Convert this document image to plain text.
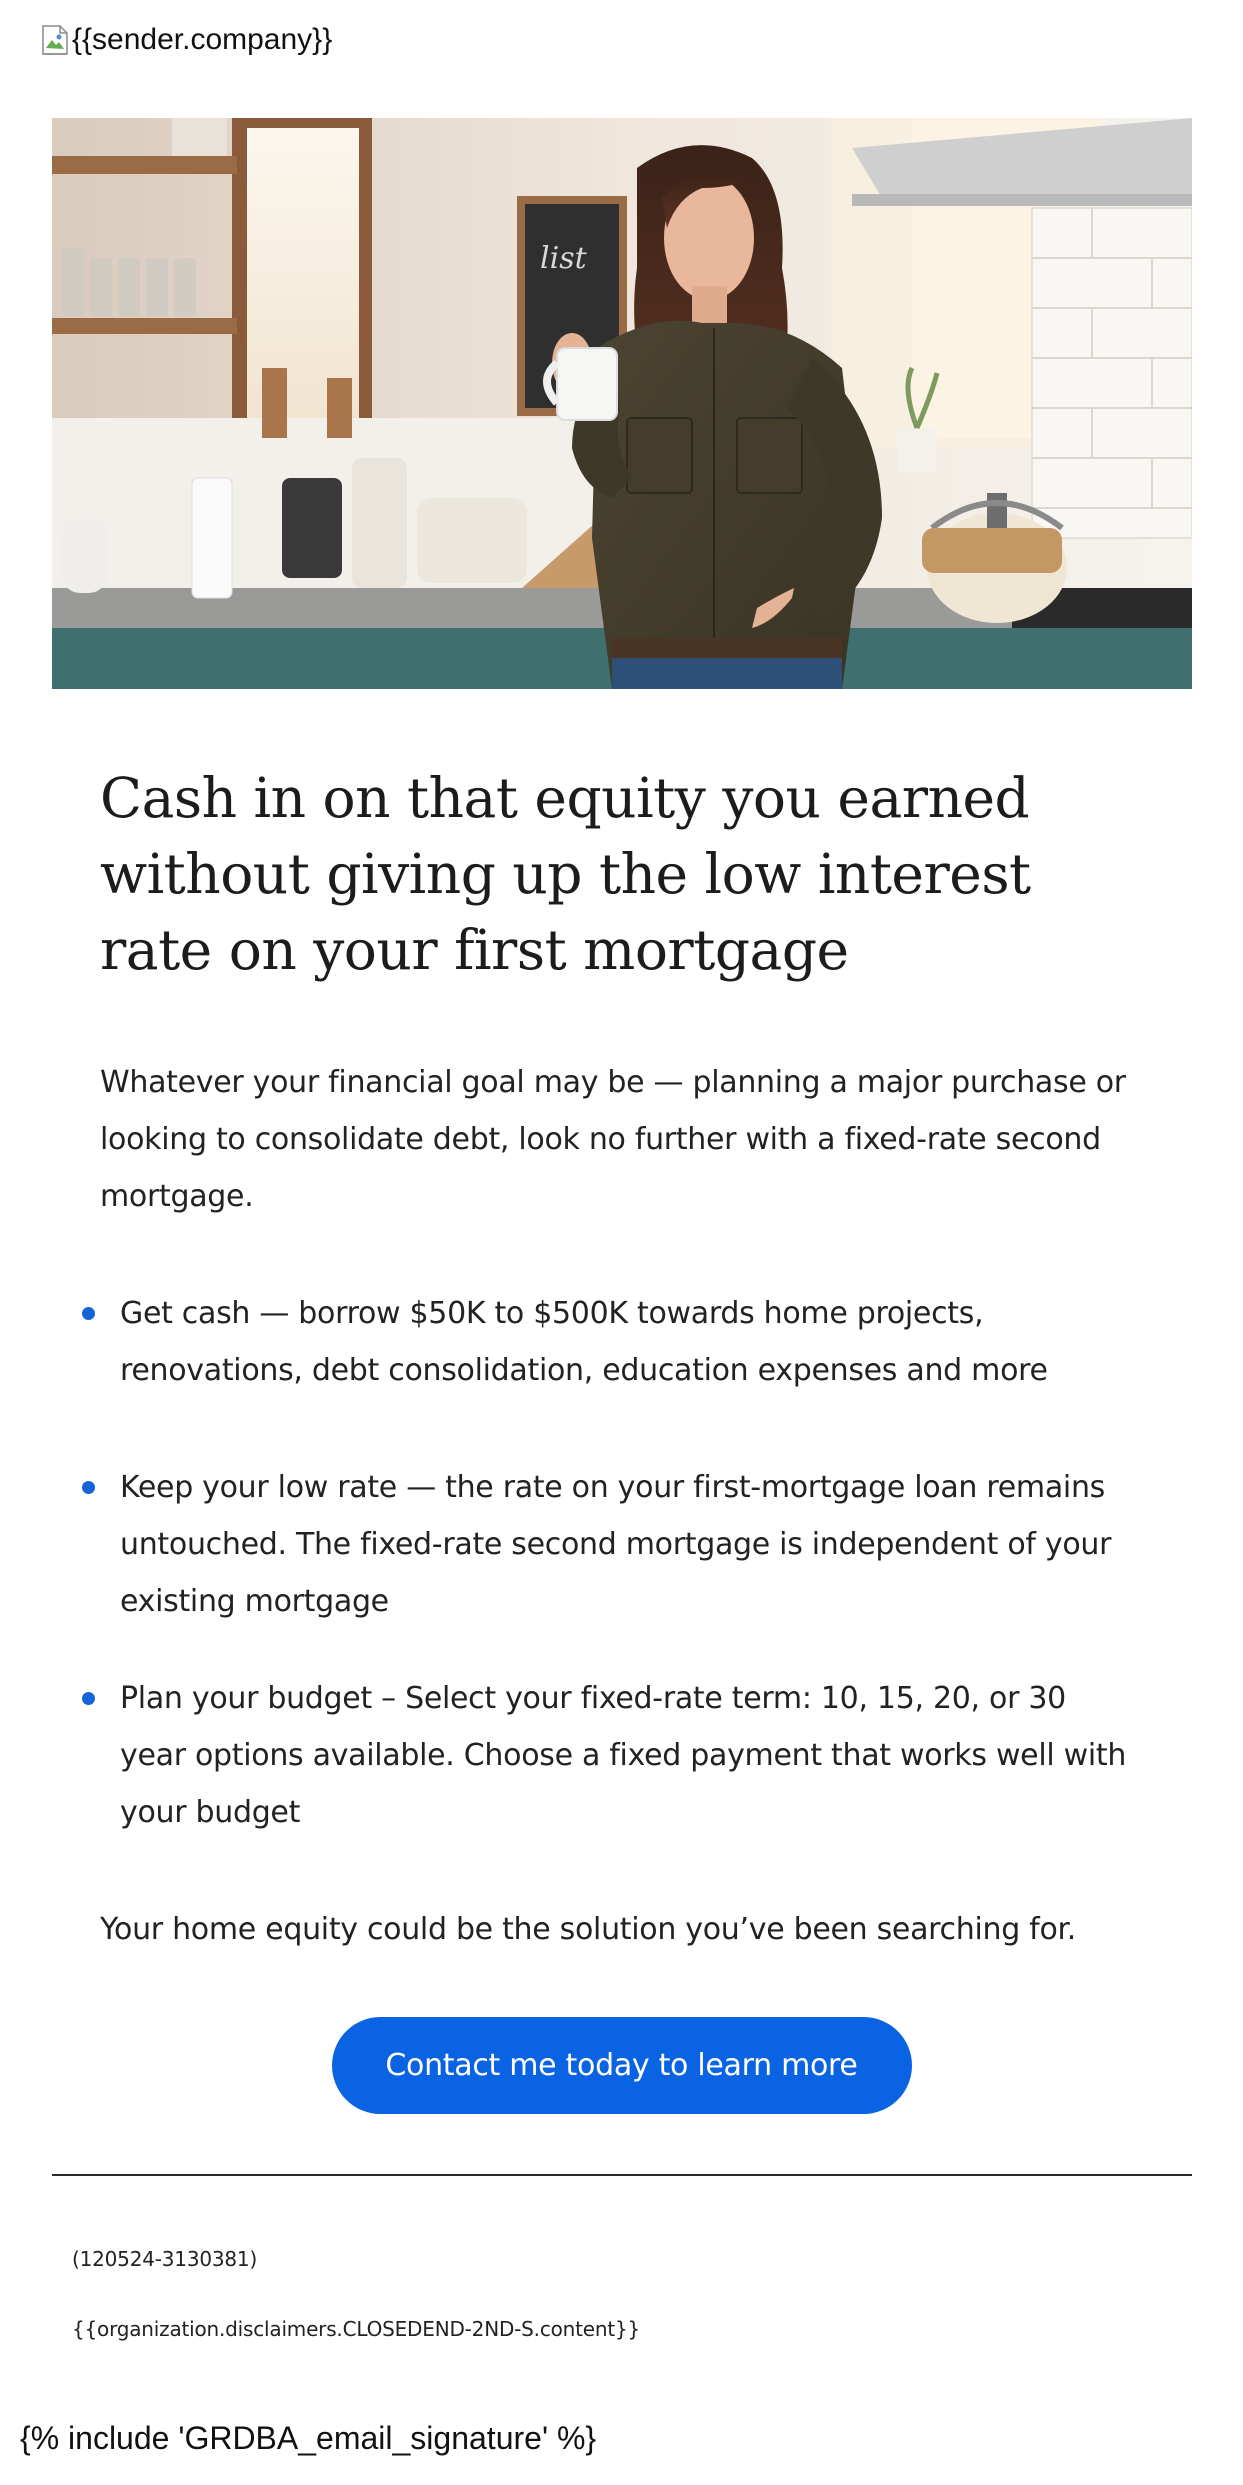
{{sender.company}}
list
Cash in on that equity you earned without giving up the low interest rate on your first mortgage
Whatever your financial goal may be — planning a major purchase or looking to consolidate debt, look no further with a fixed-rate second mortgage.
Get cash — borrow $50K to $500K towards home projects, renovations, debt consolidation, education expenses and more
Keep your low rate — the rate on your first-mortgage loan remains untouched. The fixed-rate second mortgage is independent of your existing mortgage
Plan your budget – Select your fixed-rate term: 10, 15, 20, or 30 year options available. Choose a fixed payment that works well with your budget
Your home equity could be the solution you’ve been searching for.
Contact me today to learn more
(120524-3130381)
{{organization.disclaimers.CLOSEDEND-2ND-S.content}}
{% include 'GRDBA_email_signature' %}
